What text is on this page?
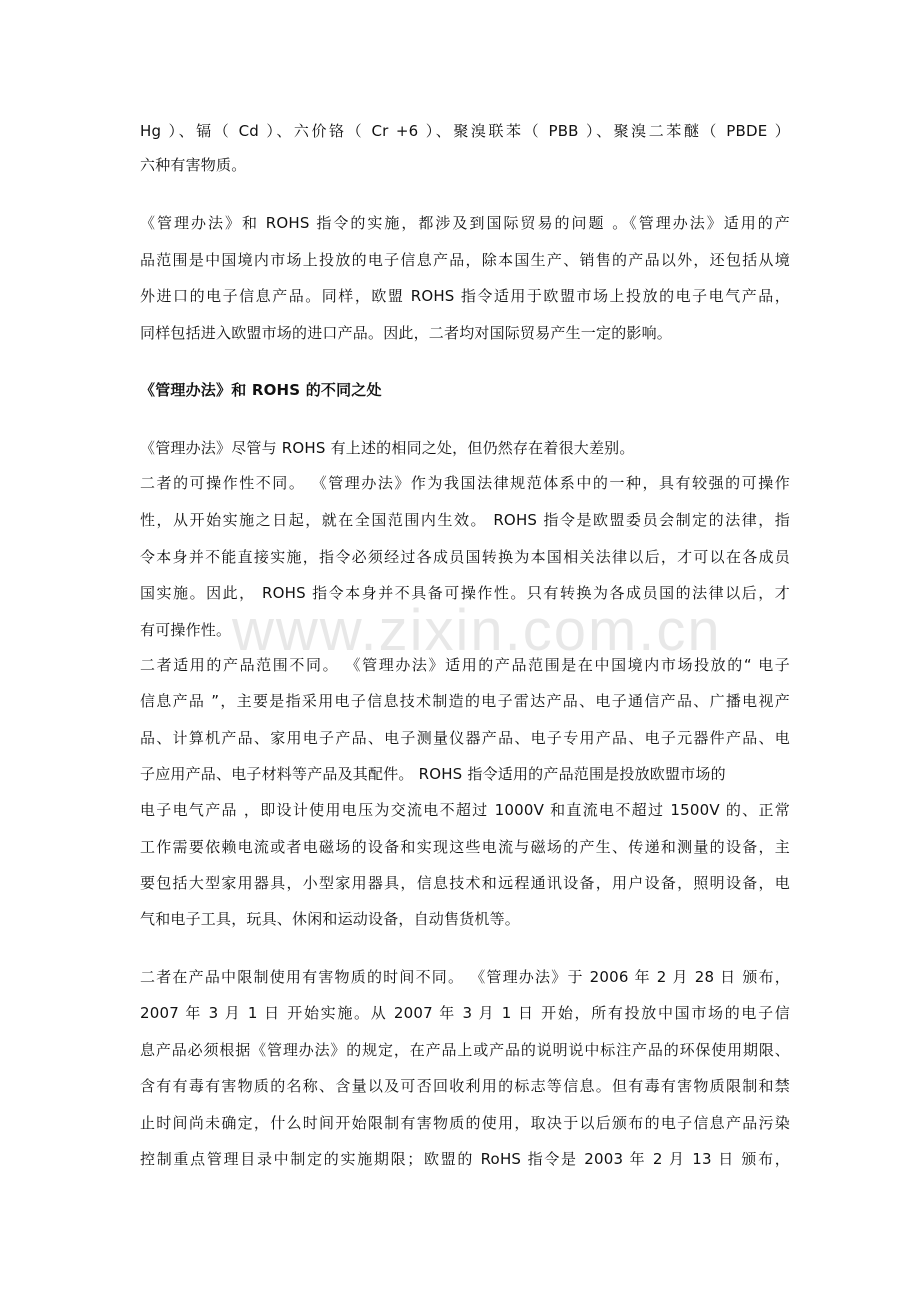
Hg ）、镉（ Cd ）、六价铬（ Cr +6 ）、聚溴联苯（ PBB ）、聚溴二苯醚（ PBDE ）
六种有害物质。
《管理办法》和 ROHS 指令的实施，都涉及到国际贸易的问题 。《管理办法》适用的产
品范围是中国境内市场上投放的电子信息产品，除本国生产、销售的产品以外，还包括从境
外进口的电子信息产品。同样，欧盟 ROHS 指令适用于欧盟市场上投放的电子电气产品，
同样包括进入欧盟市场的进口产品。因此，二者均对国际贸易产生一定的影响。
《管理办法》和 ROHS 的不同之处
《管理办法》尽管与 ROHS 有上述的相同之处，但仍然存在着很大差别。
二者的可操作性不同。 《管理办法》作为我国法律规范体系中的一种，具有较强的可操作
性，从开始实施之日起，就在全国范围内生效。 ROHS 指令是欧盟委员会制定的法律，指
令本身并不能直接实施，指令必须经过各成员国转换为本国相关法律以后，才可以在各成员
国实施。因此， ROHS 指令本身并不具备可操作性。只有转换为各成员国的法律以后，才
有可操作性。
二者适用的产品范围不同。 《管理办法》适用的产品范围是在中国境内市场投放的“ 电子
信息产品 ”，主要是指采用电子信息技术制造的电子雷达产品、电子通信产品、广播电视产
品、计算机产品、家用电子产品、电子测量仪器产品、电子专用产品、电子元器件产品、电
子应用产品、电子材料等产品及其配件。 ROHS 指令适用的产品范围是投放欧盟市场的
电子电气产品 ，即设计使用电压为交流电不超过 1000V 和直流电不超过 1500V 的、正常
工作需要依赖电流或者电磁场的设备和实现这些电流与磁场的产生、传递和测量的设备，主
要包括大型家用器具，小型家用器具，信息技术和远程通讯设备，用户设备，照明设备，电
气和电子工具，玩具、休闲和运动设备，自动售货机等。
二者在产品中限制使用有害物质的时间不同。 《管理办法》于 2006 年 2 月 28 日 颁布，
2007 年 3 月 1 日 开始实施。从 2007 年 3 月 1 日 开始，所有投放中国市场的电子信
息产品必须根据《管理办法》的规定，在产品上或产品的说明说中标注产品的环保使用期限、
含有有毒有害物质的名称、含量以及可否回收利用的标志等信息。但有毒有害物质限制和禁
止时间尚未确定，什么时间开始限制有害物质的使用，取决于以后颁布的电子信息产品污染
控制重点管理目录中制定的实施期限；欧盟的 RoHS 指令是 2003 年 2 月 13 日 颁布，
www.zixin.com.cn
